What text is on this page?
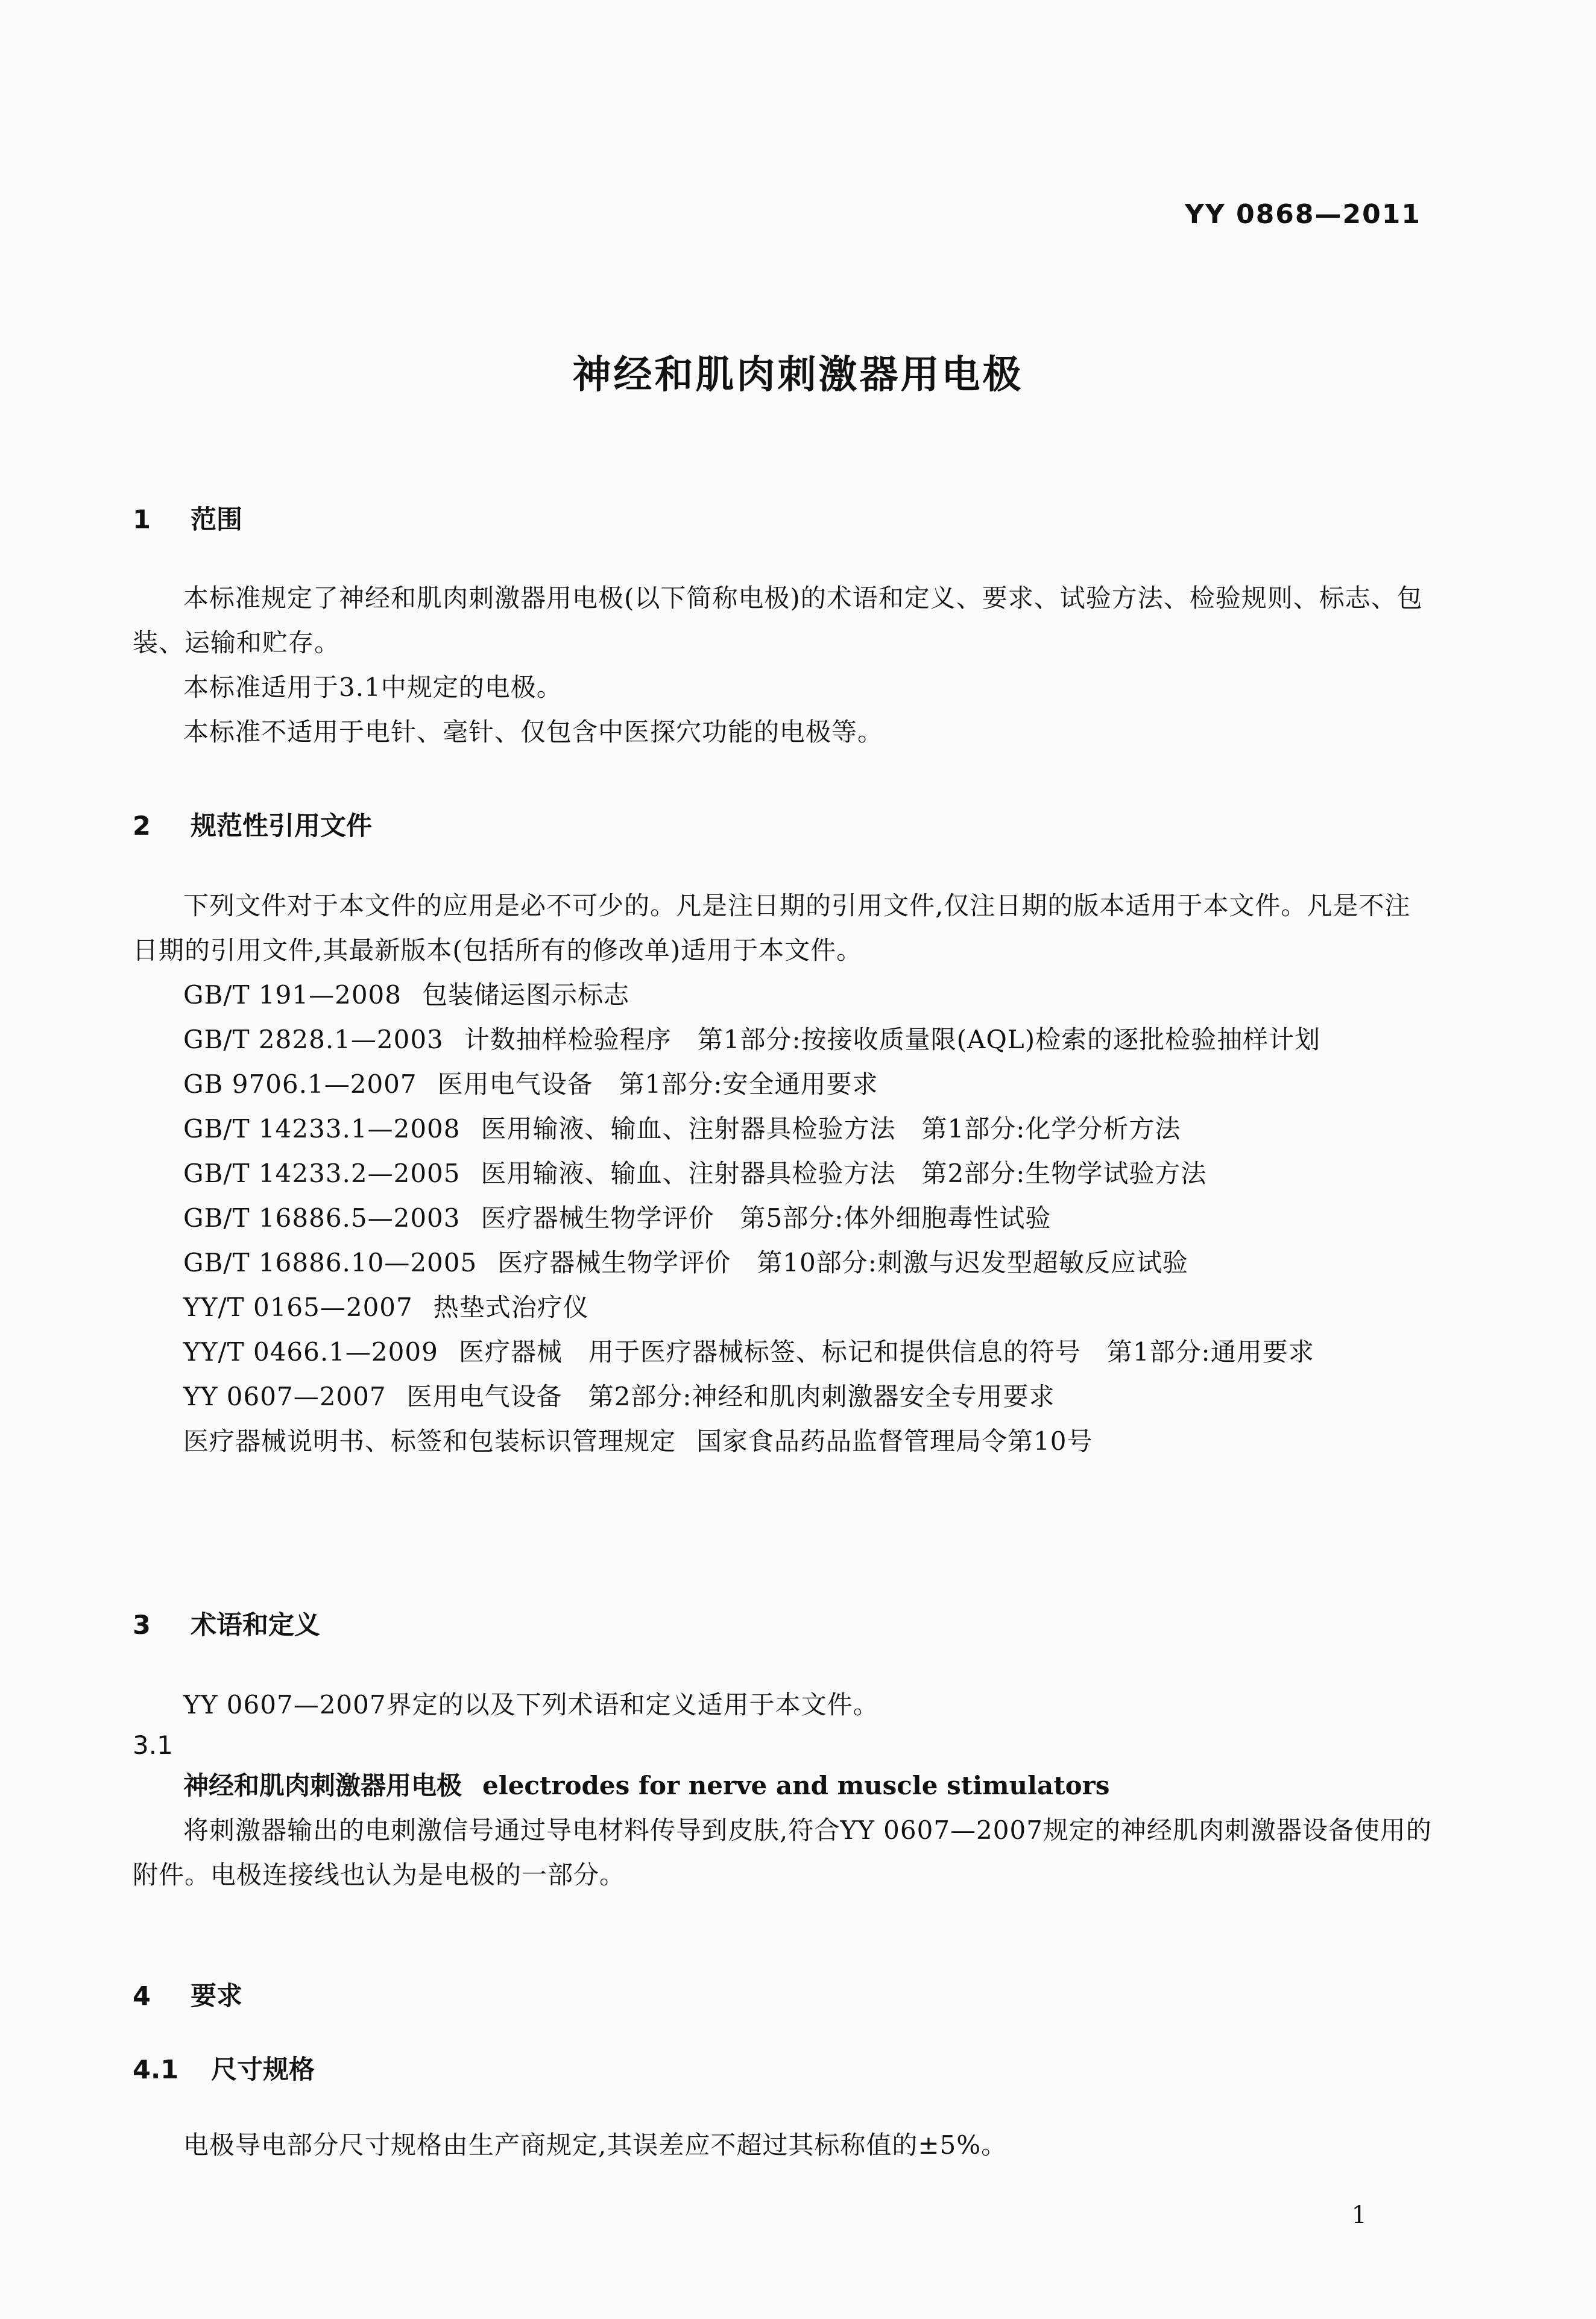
YY 0868—2011
神经和肌肉刺激器用电极
1 范围
本标准规定了神经和肌肉刺激器用电极(以下简称电极)的术语和定义、要求、试验方法、检验规则、标志、包装、运输和贮存。
本标准适用于3.1中规定的电极。
本标准不适用于电针、毫针、仅包含中医探穴功能的电极等。
2 规范性引用文件
下列文件对于本文件的应用是必不可少的。凡是注日期的引用文件,仅注日期的版本适用于本文件。凡是不注日期的引用文件,其最新版本(包括所有的修改单)适用于本文件。
GB/T 191—2008 包装储运图示标志
GB/T 2828.1—2003 计数抽样检验程序　第1部分:按接收质量限(AQL)检索的逐批检验抽样计划
GB 9706.1—2007 医用电气设备　第1部分:安全通用要求
GB/T 14233.1—2008 医用输液、输血、注射器具检验方法　第1部分:化学分析方法
GB/T 14233.2—2005 医用输液、输血、注射器具检验方法　第2部分:生物学试验方法
GB/T 16886.5—2003 医疗器械生物学评价　第5部分:体外细胞毒性试验
GB/T 16886.10—2005 医疗器械生物学评价　第10部分:刺激与迟发型超敏反应试验
YY/T 0165—2007 热垫式治疗仪
YY/T 0466.1—2009 医疗器械　用于医疗器械标签、标记和提供信息的符号　第1部分:通用要求
YY 0607—2007 医用电气设备　第2部分:神经和肌肉刺激器安全专用要求
医疗器械说明书、标签和包装标识管理规定 国家食品药品监督管理局令第10号
3 术语和定义
YY 0607—2007界定的以及下列术语和定义适用于本文件。
3.1
神经和肌肉刺激器用电极 electrodes for nerve and muscle stimulators
将刺激器输出的电刺激信号通过导电材料传导到皮肤,符合YY 0607—2007规定的神经肌肉刺激器设备使用的附件。电极连接线也认为是电极的一部分。
4 要求
4.1 尺寸规格
电极导电部分尺寸规格由生产商规定,其误差应不超过其标称值的±5%。
1
